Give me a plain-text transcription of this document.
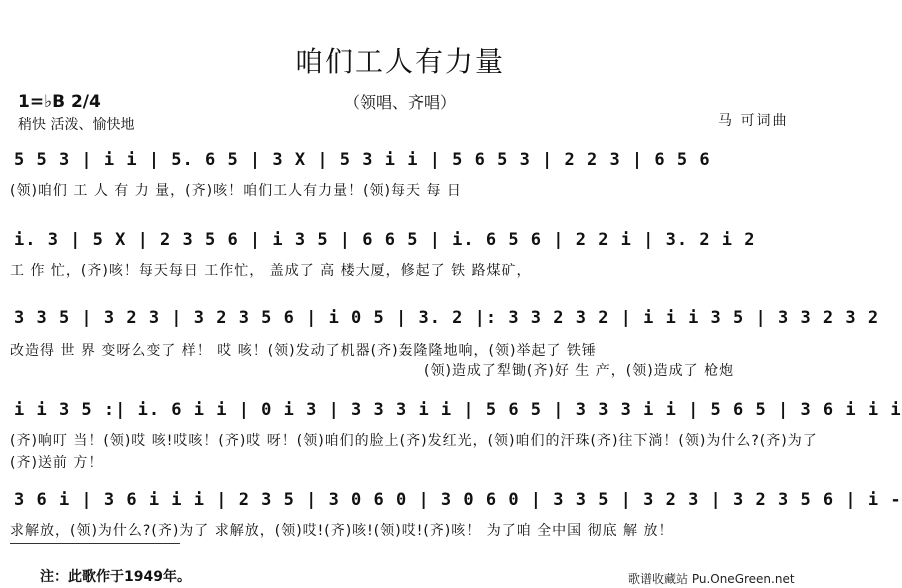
咱们工人有力量
（领唱、齐唱）
1=♭B 2/4
稍快 活泼、愉快地	马 可词曲
5 5 3 | i i | 5. 6 5 | 3 X | 5 3 i i | 5 6 5 3 | 2 2 3 | 6 5 6
(领)咱们 工 人 有 力 量，(齐)咳！咱们工人有力量！(领)每天 每 日
i. 3 | 5 X | 2 3 5 6 | i 3 5 | 6 6 5 | i. 6 5 6 | 2 2 i | 3. 2 i 2
工 作 忙，(齐)咳！每天每日 工作忙， 盖成了 高 楼大厦，修起了 铁 路煤矿，
3 3 5 | 3 2 3 | 3 2 3 5 6 | i 0 5 | 3. 2 |: 3 3 2 3 2 | i i i 3 5 | 3 3 2 3 2
改造得 世 界 变呀么变了 样！ 哎 咳！(领)发动了机器(齐)轰隆隆地响，(领)举起了 铁锤
(领)造成了犁锄(齐)好 生 产，(领)造成了 枪炮
i i 3 5 :| i. 6 i i | 0 i 3 | 3 3 3 i i | 5 6 5 | 3 3 3 i i | 5 6 5 | 3 6 i i i
(齐)响叮 当！(领)哎 咳!哎咳！(齐)哎 呀！(领)咱们的脸上(齐)发红光，(领)咱们的汗珠(齐)往下淌！(领)为什么?(齐)为了
(齐)送前 方！
3 6 i | 3 6 i i i | 2 3 5 | 3 0 6 0 | 3 0 6 0 | 3 3 5 | 3 2 3 | 3 2 3 5 6 | i -
求解放，(领)为什么?(齐)为了 求解放，(领)哎!(齐)咳!(领)哎!(齐)咳！ 为了咱 全中国 彻底 解 放！
注：此歌作于1949年。	歌谱收藏站 Pu.OneGreen.net
